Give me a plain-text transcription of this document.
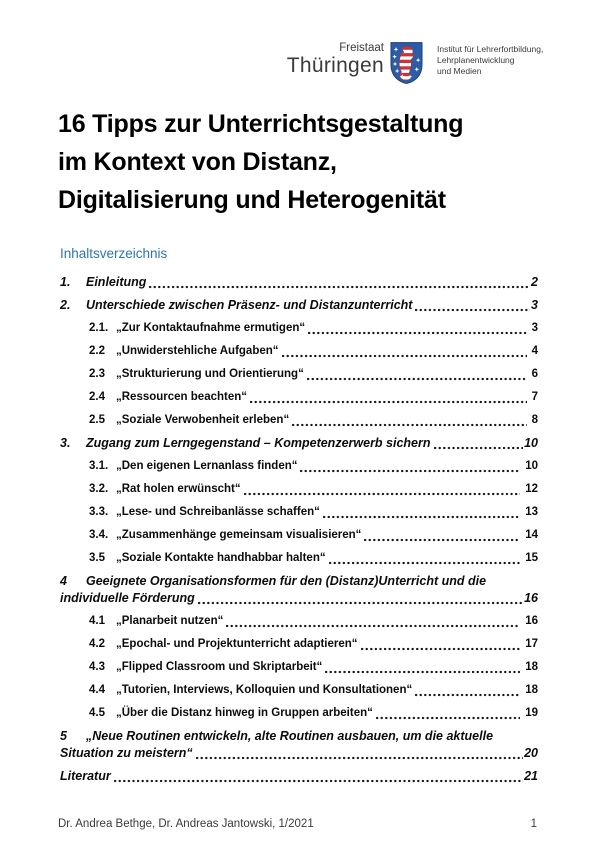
Freistaat
Thüringen
Institut für Lehrerfortbildung,
Lehrplanentwicklung
und Medien
16 Tipps zur Unterrichtsgestaltung
im Kontext von Distanz,
Digitalisierung und Heterogenität
Inhaltsverzeichnis
1.	Einleitung	2
2.	Unterschiede zwischen Präsenz- und Distanzunterricht	3
2.1. „Zur Kontaktaufnahme ermutigen“	3
2.2 „Unwiderstehliche Aufgaben“	4
2.3 „Strukturierung und Orientierung“	6
2.4 „Ressourcen beachten“	7
2.5 „Soziale Verwobenheit erleben“	8
3.	Zugang zum Lerngegenstand – Kompetenzerwerb sichern	10
3.1. „Den eigenen Lernanlass finden“	10
3.2. „Rat holen erwünscht“	12
3.3. „Lese- und Schreibanlässe schaffen“	13
3.4. „Zusammenhänge gemeinsam visualisieren“	14
3.5 „Soziale Kontakte handhabbar halten“	15
4	Geeignete Organisationsformen für den (Distanz)Unterricht und die
individuelle Förderung	16
4.1 „Planarbeit nutzen“	16
4.2 „Epochal- und Projektunterricht adaptieren“	17
4.3 „Flipped Classroom und Skriptarbeit“	18
4.4 „Tutorien, Interviews, Kolloquien und Konsultationen“	18
4.5 „Über die Distanz hinweg in Gruppen arbeiten“	19
5	„Neue Routinen entwickeln, alte Routinen ausbauen, um die aktuelle
Situation zu meistern“	20
Literatur	21
Dr. Andrea Bethge, Dr. Andreas Jantowski, 1/2021	1
